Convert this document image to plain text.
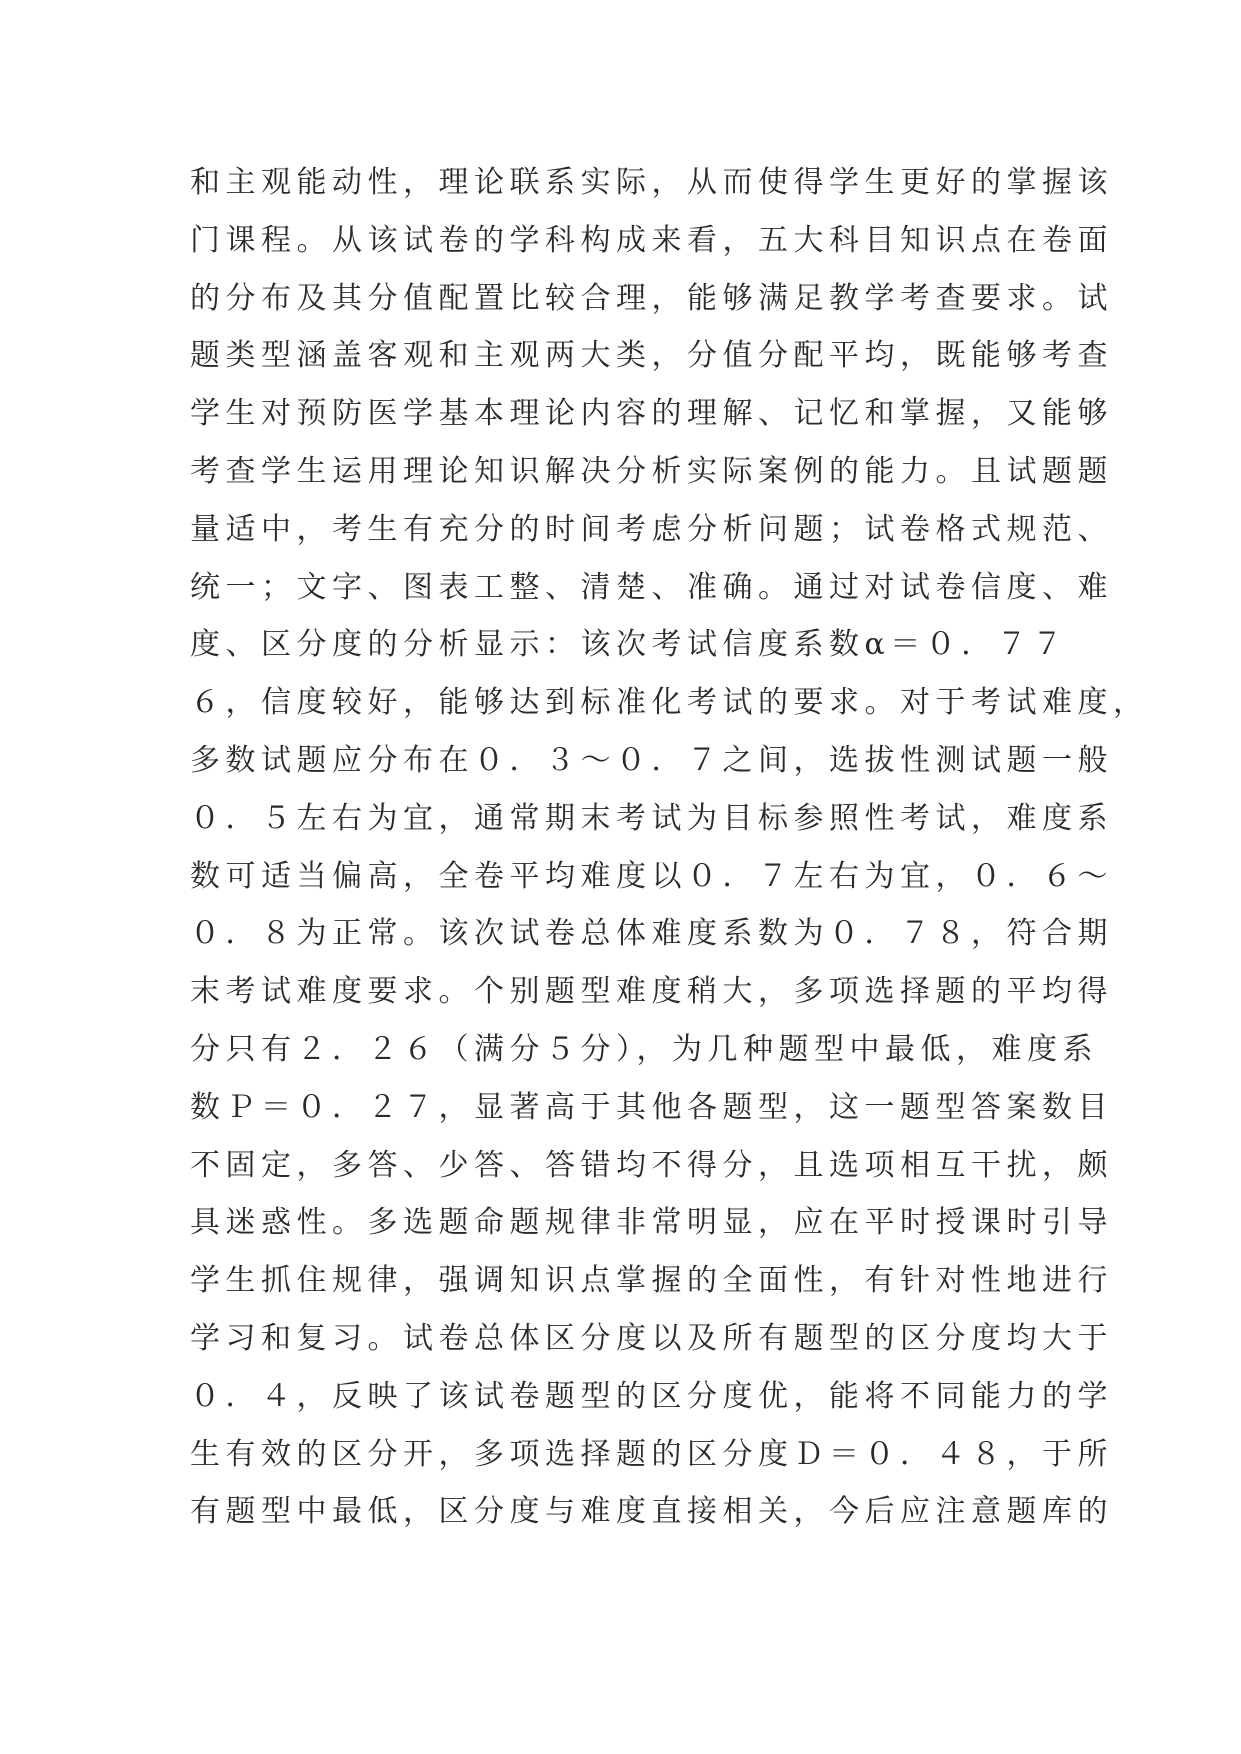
和主观能动性，理论联系实际，从而使得学生更好的掌握该
门课程。从该试卷的学科构成来看，五大科目知识点在卷面
的分布及其分值配置比较合理，能够满足教学考查要求。试
题类型涵盖客观和主观两大类，分值分配平均，既能够考查
学生对预防医学基本理论内容的理解、记忆和掌握，又能够
考查学生运用理论知识解决分析实际案例的能力。且试题题
量适中，考生有充分的时间考虑分析问题；试卷格式规范、
统一；文字、图表工整、清楚、准确。通过对试卷信度、难
度、区分度的分析显示：该次考试信度系数α＝０．７７
６，信度较好，能够达到标准化考试的要求。对于考试难度，
多数试题应分布在０．３～０．７之间，选拔性测试题一般
０．５左右为宜，通常期末考试为目标参照性考试，难度系
数可适当偏高，全卷平均难度以０．７左右为宜，０．６～
０．８为正常。该次试卷总体难度系数为０．７８，符合期
末考试难度要求。个别题型难度稍大，多项选择题的平均得
分只有２．２６（满分５分），为几种题型中最低，难度系
数Ｐ＝０．２７，显著高于其他各题型，这一题型答案数目
不固定，多答、少答、答错均不得分，且选项相互干扰，颇
具迷惑性。多选题命题规律非常明显，应在平时授课时引导
学生抓住规律，强调知识点掌握的全面性，有针对性地进行
学习和复习。试卷总体区分度以及所有题型的区分度均大于
０．４，反映了该试卷题型的区分度优，能将不同能力的学
生有效的区分开，多项选择题的区分度Ｄ＝０．４８，于所
有题型中最低，区分度与难度直接相关，今后应注意题库的
